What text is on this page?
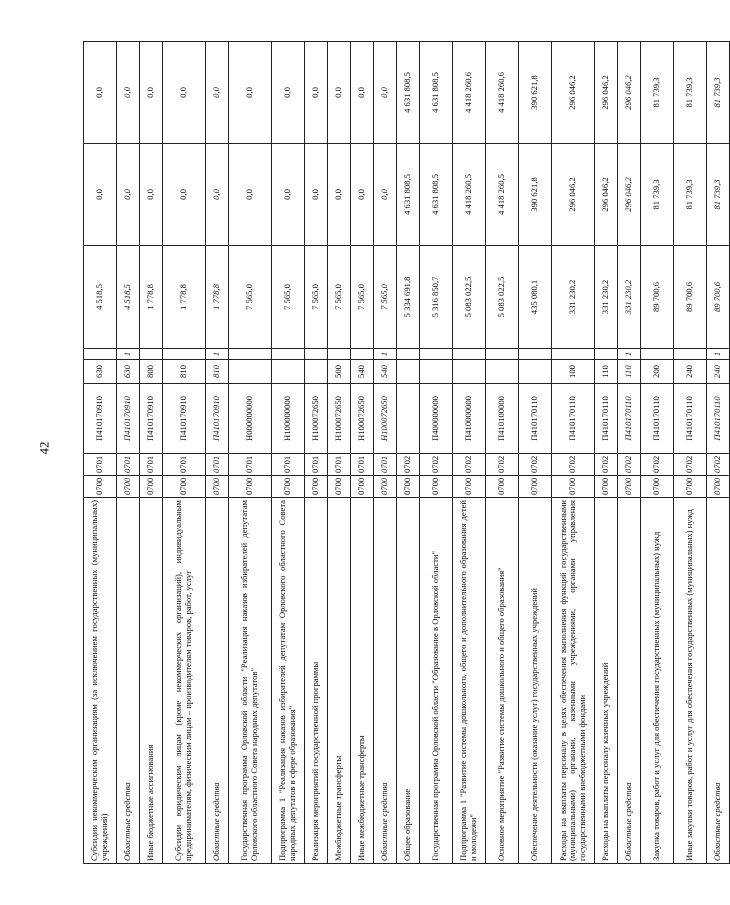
42
Субсидии некоммерческим организациям (за исключением государственных (муниципальных) учреждений)	0700	0701	П410170910	630		4 518,5	0,0	0,0
Областные средства	0700	0701	П410170910	630	1	4 518,5	0,0	0,0
Иные бюджетные ассигнования	0700	0701	П410170910	800		1 778,8	0,0	0,0
Субсидии юридическим лицам (кроме некоммерческих организаций), индивидуальным предпринимателям, физическим лицам – производителям товаров, работ, услуг	0700	0701	П410170910	810		1 778,8	0,0	0,0
Областные средства	0700	0701	П410170910	810	1	1 778,8	0,0	0,0
Государственная программа Орловской области "Реализация наказов избирателей депутатам Орловского областного Совета народных депутатов"	0700	0701	Н000000000			7 565,0	0,0	0,0
Подпрограмма 1 "Реализация наказов избирателей депутатам Орловского областного Совета народных депутатов в сфере образования"	0700	0701	Н100000000			7 565,0	0,0	0,0
Реализация мероприятий государственной программы	0700	0701	Н100072650			7 565,0	0,0	0,0
Межбюджетные трансферты	0700	0701	Н100072650	500		7 565,0	0,0	0,0
Иные межбюджетные трансферты	0700	0701	Н100072650	540		7 565,0	0,0	0,0
Областные средства	0700	0701	Н100072650	540	1	7 565,0	0,0	0,0
Общее образование	0700	0702				5 334 691,8	4 631 808,5	4 631 808,5
Государственная программа Орловской области "Образование в Орловской области"	0700	0702	П400000000			5 316 850,7	4 631 808,5	4 631 808,5
Подпрограмма 1 "Развитие системы дошкольного, общего и дополнительного образования детей и молодежи"	0700	0702	П410000000			5 083 022,5	4 418 260,5	4 418 260,6
Основное мероприятие "Развитие системы дошкольного и общего образования"	0700	0702	П410100000			5 083 022,5	4 418 260,5	4 418 260,6
Обеспечение деятельности (оказание услуг) государственных учреждений	0700	0702	П410170110			435 080,1	390 621,8	390 621,8
Расходы на выплаты персоналу в целях обеспечения выполнения функций государственными (муниципальными) органами, казенными учреждениями, органами управления государственными внебюджетными фондами	0700	0702	П410170110	100		331 230,2	296 046,2	296 046,2
Расходы на выплаты персоналу казенных учреждений	0700	0702	П410170110	110		331 230,2	296 046,2	296 046,2
Областные средства	0700	0702	П410170110	110	1	331 230,2	296 046,2	296 046,2
Закупка товаров, работ и услуг для обеспечения государственных (муниципальных) нужд	0700	0702	П410170110	200		89 700,6	81 739,3	81 739,3
Иные закупки товаров, работ и услуг для обеспечения государственных (муниципальных) нужд	0700	0702	П410170110	240		89 700,6	81 739,3	81 739,3
Областные средства	0700	0702	П410170110	240	1	89 700,6	81 739,3	81 739,3
